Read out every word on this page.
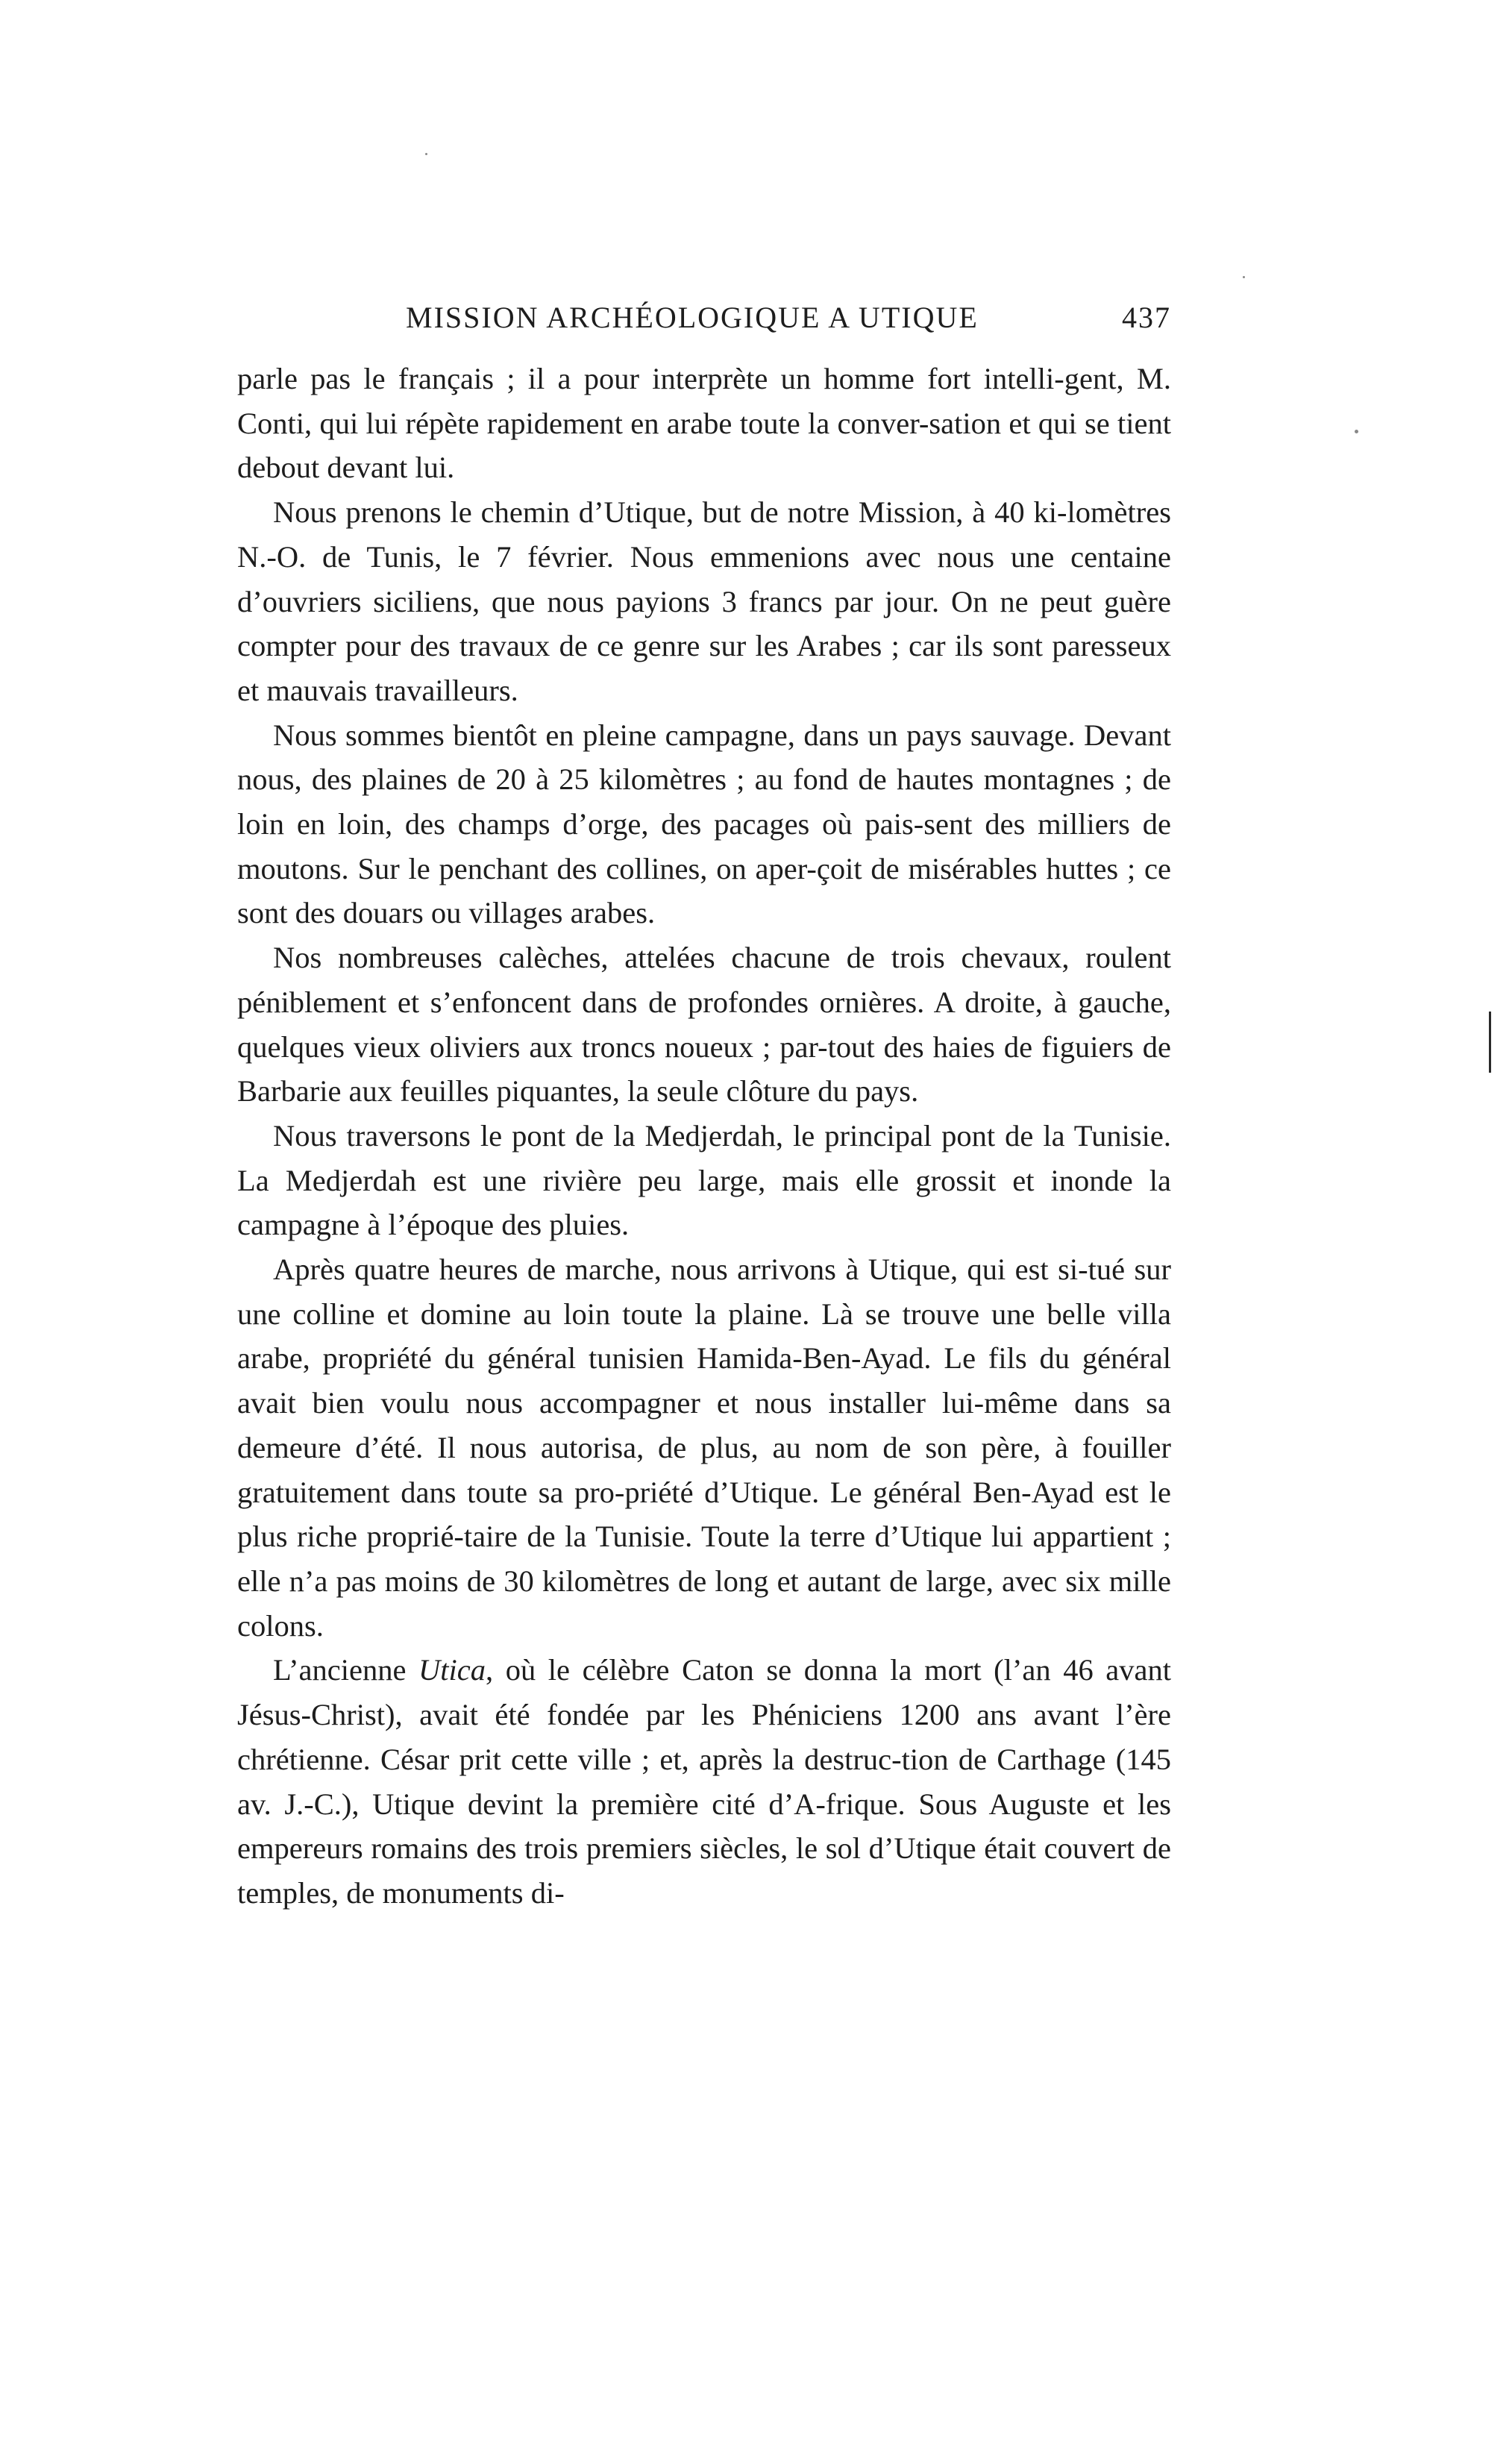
MISSION ARCHÉOLOGIQUE A UTIQUE	437

parle pas le français ; il a pour interprète un homme fort intelli-gent, M. Conti, qui lui répète rapidement en arabe toute la conver-sation et qui se tient debout devant lui.

Nous prenons le chemin d’Utique, but de notre Mission, à 40 ki-lomètres N.-O. de Tunis, le 7 février. Nous emmenions avec nous une centaine d’ouvriers siciliens, que nous payions 3 francs par jour. On ne peut guère compter pour des travaux de ce genre sur les Arabes ; car ils sont paresseux et mauvais travailleurs.

Nous sommes bientôt en pleine campagne, dans un pays sauvage. Devant nous, des plaines de 20 à 25 kilomètres ; au fond de hautes montagnes ; de loin en loin, des champs d’orge, des pacages où pais-sent des milliers de moutons. Sur le penchant des collines, on aper-çoit de misérables huttes ; ce sont des douars ou villages arabes.

Nos nombreuses calèches, attelées chacune de trois chevaux, roulent péniblement et s’enfoncent dans de profondes ornières. A droite, à gauche, quelques vieux oliviers aux troncs noueux ; par-tout des haies de figuiers de Barbarie aux feuilles piquantes, la seule clôture du pays.

Nous traversons le pont de la Medjerdah, le principal pont de la Tunisie. La Medjerdah est une rivière peu large, mais elle grossit et inonde la campagne à l’époque des pluies.

Après quatre heures de marche, nous arrivons à Utique, qui est si-tué sur une colline et domine au loin toute la plaine. Là se trouve une belle villa arabe, propriété du général tunisien Hamida-Ben-Ayad. Le fils du général avait bien voulu nous accompagner et nous installer lui-même dans sa demeure d’été. Il nous autorisa, de plus, au nom de son père, à fouiller gratuitement dans toute sa pro-priété d’Utique. Le général Ben-Ayad est le plus riche proprié-taire de la Tunisie. Toute la terre d’Utique lui appartient ; elle n’a pas moins de 30 kilomètres de long et autant de large, avec six mille colons.

L’ancienne Utica, où le célèbre Caton se donna la mort (l’an 46 avant Jésus-Christ), avait été fondée par les Phéniciens 1200 ans avant l’ère chrétienne. César prit cette ville ; et, après la destruc-tion de Carthage (145 av. J.-C.), Utique devint la première cité d’A-frique. Sous Auguste et les empereurs romains des trois premiers siècles, le sol d’Utique était couvert de temples, de monuments di-
